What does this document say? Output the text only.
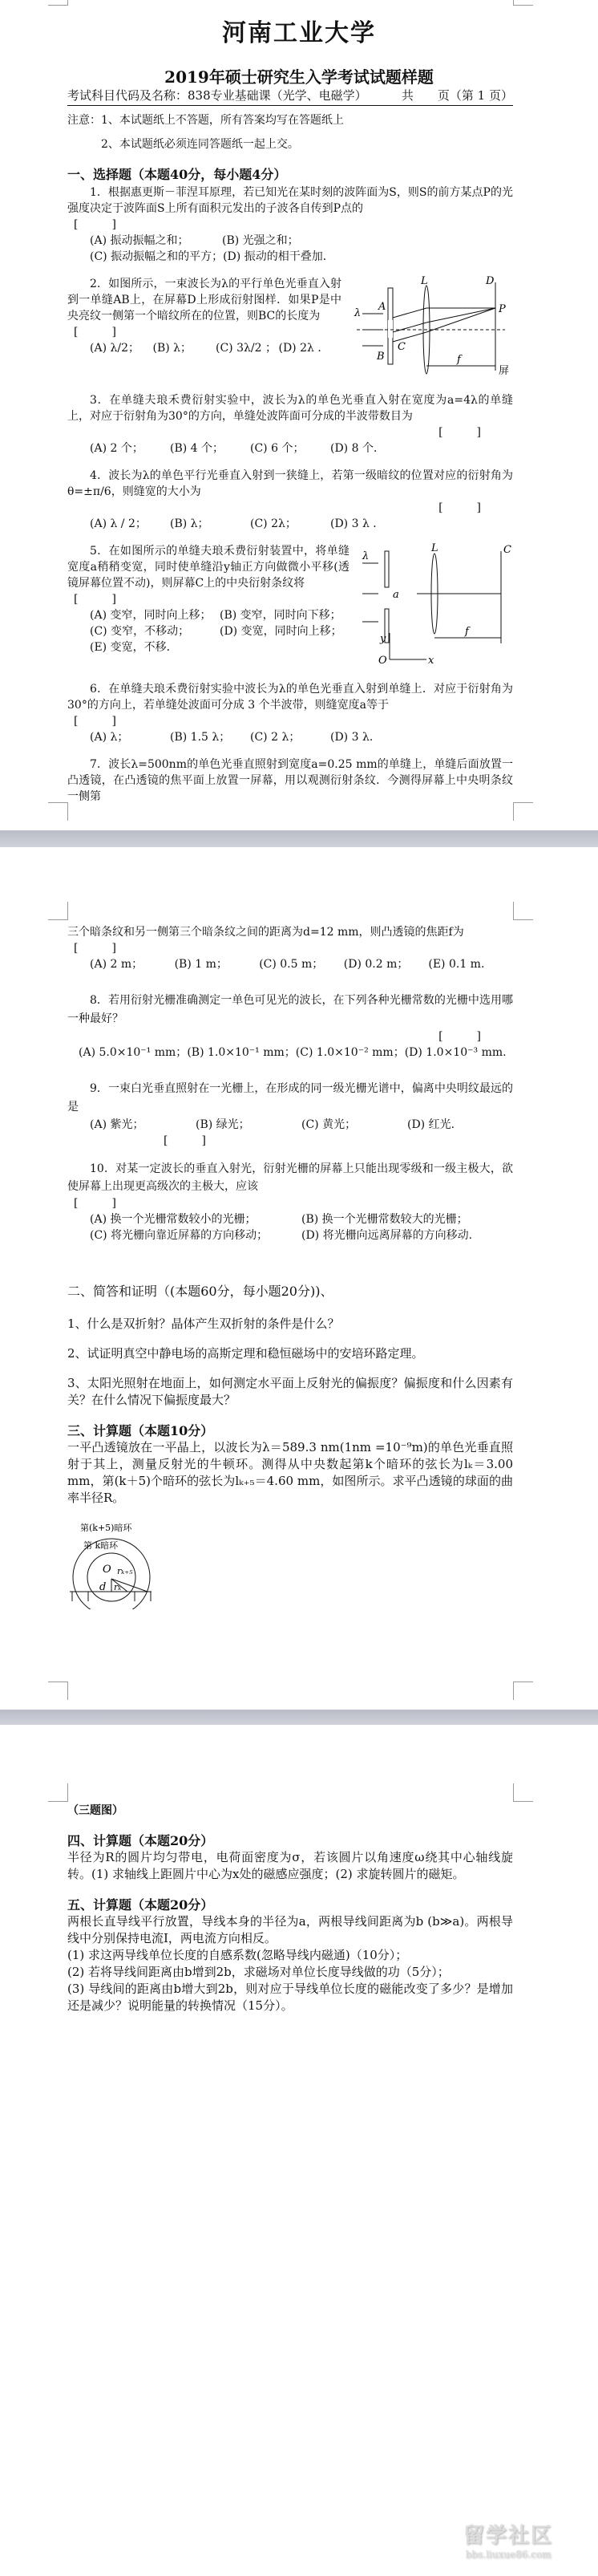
河南工业大学
2019年硕士研究生入学考试试题样题
考试科目代码及名称：838专业基础课（光学、电磁学）	共　　页（第 1 页）
注意：1、本试题纸上不答题，所有答案均写在答题纸上
2、本试题纸必须连同答题纸一起上交。
一、选择题（本题40分，每小题4分）
1．根据惠更斯－菲涅耳原理，若已知光在某时刻的波阵面为S，则S的前方某点P的光强度决定于波阵面S上所有面积元发出的子波各自传到P点的
[　　　]
(A) 振动振幅之和；	(B) 光强之和；
(C) 振动振幅之和的平方； (D) 振动的相干叠加．
L	D
P
A
B
C
λ
f
屏
2．如图所示，一束波长为λ的平行单色光垂直入射到一单缝AB上，在屏幕D上形成衍射图样．如果P是中央亮纹一侧第一个暗纹所在的位置，则BC的长度为
[　　　]
(A) λ/2；	(B) λ；	(C) 3λ/2 ； (D) 2λ ．
3．在单缝夫琅禾费衍射实验中，波长为λ的单色光垂直入射在宽度为a=4λ的单缝上，对应于衍射角为30°的方向，单缝处波阵面可分成的半波带数目为
[　　　]
(A) 2 个；	(B) 4 个；	(C) 6 个；	(D) 8 个．
4．波长为λ的单色平行光垂直入射到一狭缝上，若第一级暗纹的位置对应的衍射角为θ=±π/6，则缝宽的大小为
[　　　]
(A) λ / 2；	(B) λ；	(C) 2λ；	(D) 3 λ ．
L	C
λ
a
f
y
x
O
5．在如图所示的单缝夫琅禾费衍射装置中，将单缝宽度a稍稍变宽，同时使单缝沿y轴正方向做微小平移(透镜屏幕位置不动)，则屏幕C上的中央衍射条纹将
[　　　]
(A) 变窄，同时向上移； (B) 变窄，同时向下移；
(C) 变窄，不移动；	(D) 变宽，同时向上移；
(E) 变宽，不移．
6．在单缝夫琅禾费衍射实验中波长为λ的单色光垂直入射到单缝上．对应于衍射角为30°的方向上，若单缝处波面可分成 3 个半波带，则缝宽度a等于
[　　　]
(A) λ；	(B) 1.5 λ；	(C) 2 λ；	(D) 3 λ.
7．波长λ=500nm的单色光垂直照射到宽度a=0.25 mm的单缝上，单缝后面放置一凸透镜，在凸透镜的焦平面上放置一屏幕，用以观测衍射条纹．今测得屏幕上中央明条纹一侧第
三个暗条纹和另一侧第三个暗条纹之间的距离为d=12 mm，则凸透镜的焦距f为
[　　　]
(A) 2 m；	(B) 1 m；	(C) 0.5 m；	(D) 0.2 m；	(E) 0.1 m.
8．若用衍射光栅准确测定一单色可见光的波长，在下列各种光栅常数的光栅中选用哪一种最好？
[　　　]
(A) 5.0×10⁻¹ mm； (B) 1.0×10⁻¹ mm； (C) 1.0×10⁻² mm； (D) 1.0×10⁻³ mm.
9．一束白光垂直照射在一光栅上，在形成的同一级光栅光谱中，偏离中央明纹最远的是
(A) 紫光；	(B) 绿光；	(C) 黄光；	(D) 红光.
[　　　]
10．对某一定波长的垂直入射光，衍射光栅的屏幕上只能出现零级和一级主极大，欲使屏幕上出现更高级次的主极大，应该
[　　　]
(A) 换一个光栅常数较小的光栅；	(B) 换一个光栅常数较大的光栅；
(C) 将光栅向靠近屏幕的方向移动；	(D) 将光栅向远离屏幕的方向移动.
二、简答和证明（(本题60分，每小题20分))、
1、什么是双折射？晶体产生双折射的条件是什么？
2、试证明真空中静电场的高斯定理和稳恒磁场中的安培环路定理。
3、太阳光照射在地面上，如何测定水平面上反射光的偏振度？偏振度和什么因素有关？在什么情况下偏振度最大？
三、计算题（本题10分）
一平凸透镜放在一平晶上，以波长为λ＝589.3 nm(1nm =10⁻⁹m)的单色光垂直照射于其上，测量反射光的牛顿环。测得从中央数起第k个暗环的弦长为lₖ＝3.00 mm，第(k＋5)个暗环的弦长为lₖ₊₅＝4.60 mm，如图所示。求平凸透镜的球面的曲率半径R。
第(k+5)暗环
第 k暗环
O rₖ₊₅
rₖ
d
（三题图）
四、计算题（本题20分）
半径为R的圆片均匀带电，电荷面密度为σ，若该圆片以角速度ω绕其中心轴线旋转。(1) 求轴线上距圆片中心为x处的磁感应强度；(2) 求旋转圆片的磁矩。
五、计算题（本题20分）
两根长直导线平行放置，导线本身的半径为a，两根导线间距离为b (b≫a)。两根导线中分别保持电流I，两电流方向相反。
(1) 求这两导线单位长度的自感系数(忽略导线内磁通)（10分）；
(2) 若将导线间距离由b增到2b，求磁场对单位长度导线做的功（5分）；
(3) 导线间的距离由b增大到2b，则对应于导线单位长度的磁能改变了多少？是增加还是减少？说明能量的转换情况（15分）。
留学社区
bbs.liuxue86.com
